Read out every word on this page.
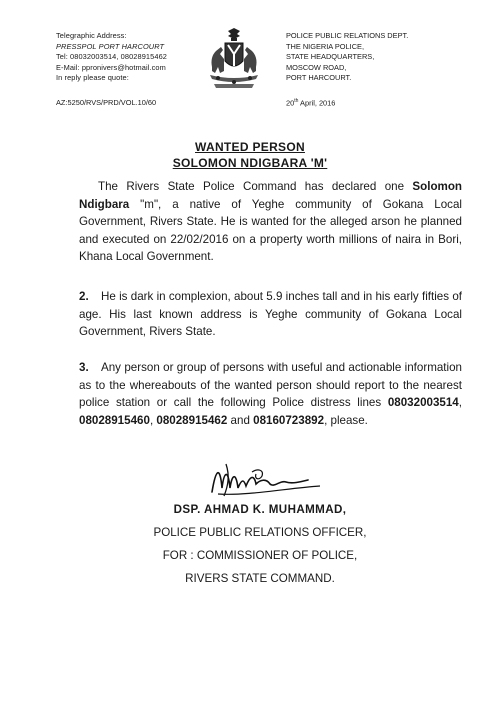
Telegraphic Address:
PRESSPOL PORT HARCOURT
Tel: 08032003514, 08028915462
E-Mail: ppronivers@hotmail.com
In reply please quote:
POLICE PUBLIC RELATIONS DEPT.
THE NIGERIA POLICE,
STATE HEADQUARTERS,
MOSCOW ROAD,
PORT HARCOURT.
AZ:5250/RVS/PRD/VOL.10/60	20th April, 2016
WANTED PERSON
SOLOMON NDIGBARA 'M'
The Rivers State Police Command has declared one Solomon Ndigbara "m", a native of Yeghe community of Gokana Local Government, Rivers State. He is wanted for the alleged arson he planned and executed on 22/02/2016 on a property worth millions of naira in Bori, Khana Local Government.
2. He is dark in complexion, about 5.9 inches tall and in his early fifties of age. His last known address is Yeghe community of Gokana Local Government, Rivers State.
3. Any person or group of persons with useful and actionable information as to the whereabouts of the wanted person should report to the nearest police station or call the following Police distress lines 08032003514, 08028915460, 08028915462 and 08160723892, please.
DSP. AHMAD K. MUHAMMAD,
POLICE PUBLIC RELATIONS OFFICER,
FOR : COMMISSIONER OF POLICE,
RIVERS STATE COMMAND.
